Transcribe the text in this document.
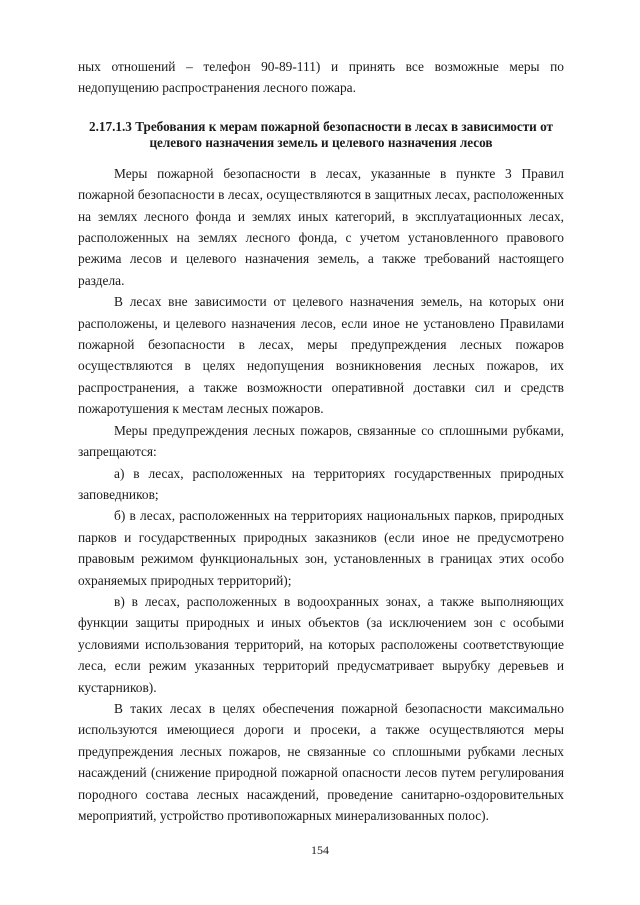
ных отношений – телефон 90-89-111) и принять все возможные меры по недопущению распространения лесного пожара.

2.17.1.3 Требования к мерам пожарной безопасности в лесах в зависимости от целевого назначения земель и целевого назначения лесов

Меры пожарной безопасности в лесах, указанные в пункте 3 Правил пожарной безопасности в лесах, осуществляются в защитных лесах, расположенных на землях лесного фонда и землях иных категорий, в эксплуатационных лесах, расположенных на землях лесного фонда, с учетом установленного правового режима лесов и целевого назначения земель, а также требований настоящего раздела.

В лесах вне зависимости от целевого назначения земель, на которых они расположены, и целевого назначения лесов, если иное не установлено Правилами пожарной безопасности в лесах, меры предупреждения лесных пожаров осуществляются в целях недопущения возникновения лесных пожаров, их распространения, а также возможности оперативной доставки сил и средств пожаротушения к местам лесных пожаров.

Меры предупреждения лесных пожаров, связанные со сплошными рубками, запрещаются:

а) в лесах, расположенных на территориях государственных природных заповедников;

б) в лесах, расположенных на территориях национальных парков, природных парков и государственных природных заказников (если иное не предусмотрено правовым режимом функциональных зон, установленных в границах этих особо охраняемых природных территорий);

в) в лесах, расположенных в водоохранных зонах, а также выполняющих функции защиты природных и иных объектов (за исключением зон с особыми условиями использования территорий, на которых расположены соответствующие леса, если режим указанных территорий предусматривает вырубку деревьев и кустарников).

В таких лесах в целях обеспечения пожарной безопасности максимально используются имеющиеся дороги и просеки, а также осуществляются меры предупреждения лесных пожаров, не связанные со сплошными рубками лесных насаждений (снижение природной пожарной опасности лесов путем регулирования породного состава лесных насаждений, проведение санитарно-оздоровительных мероприятий, устройство противопожарных минерализованных полос).

154
